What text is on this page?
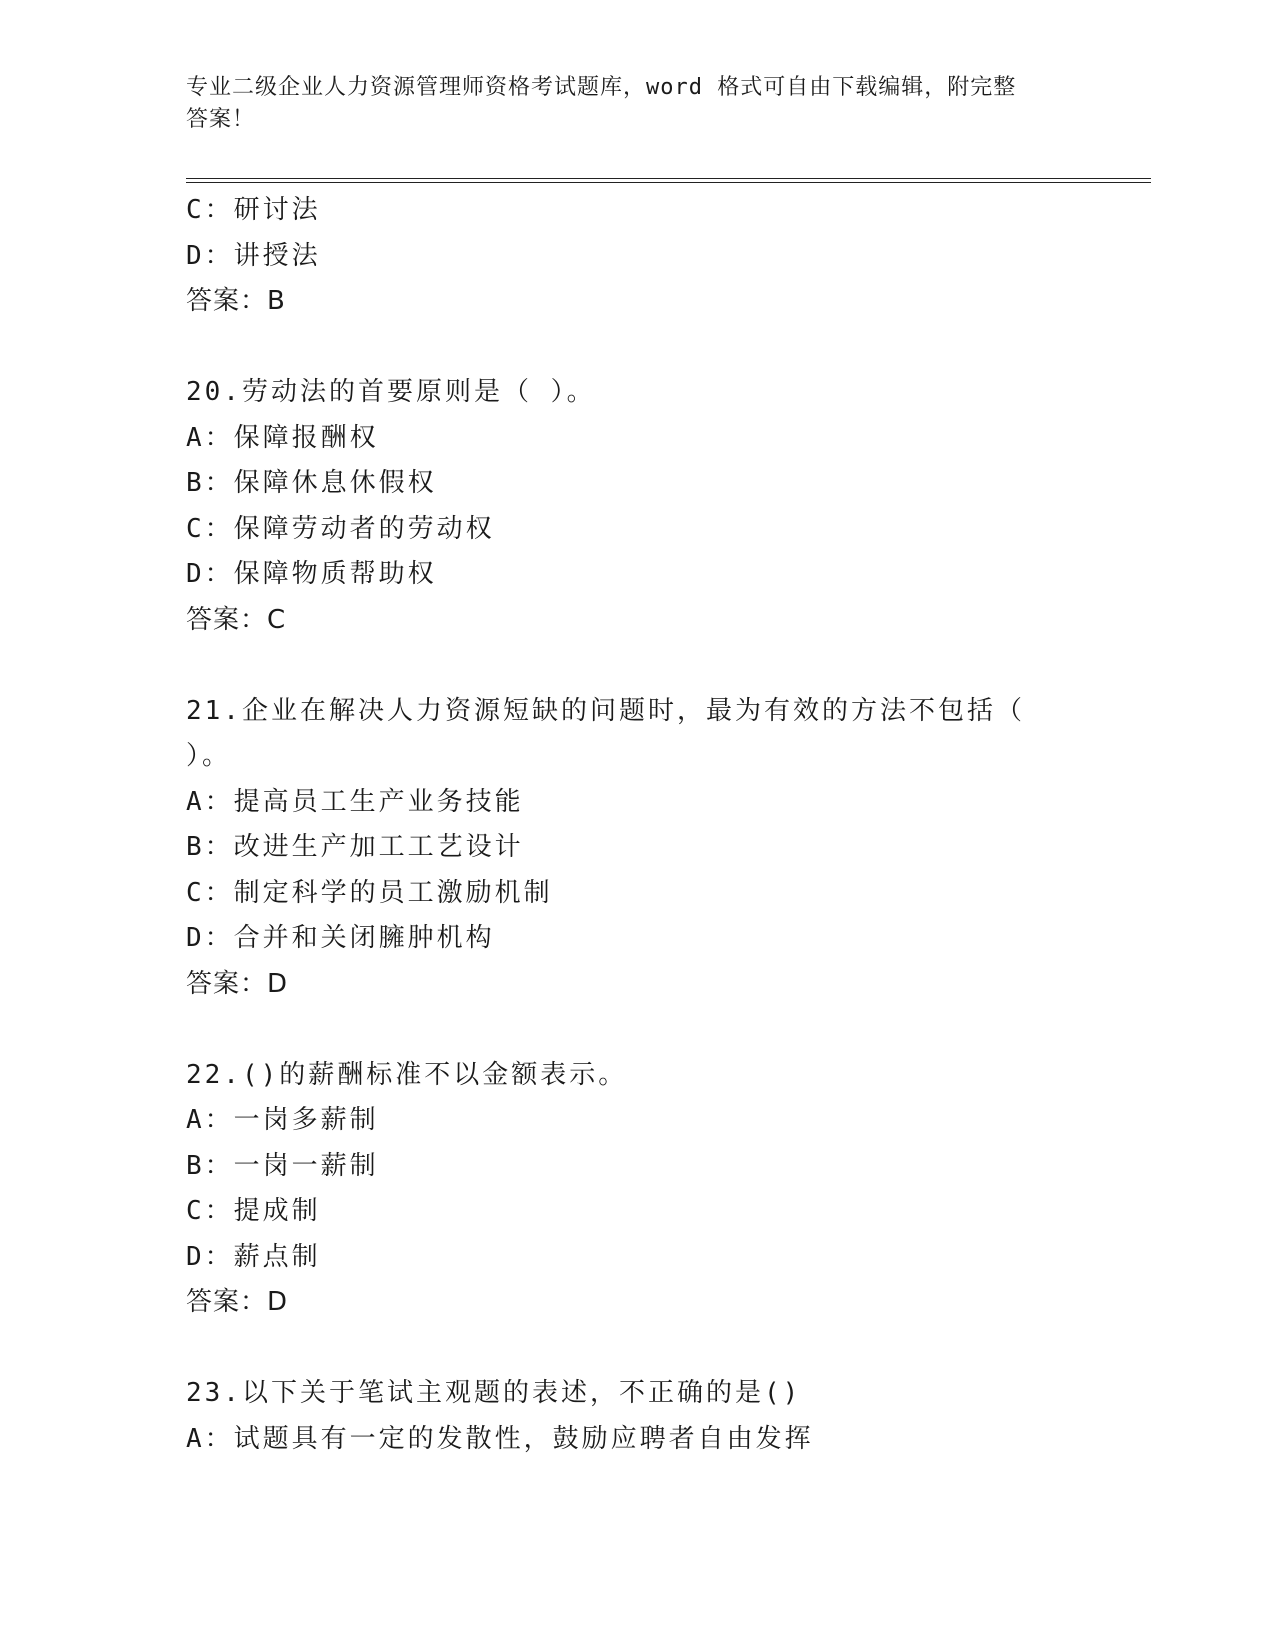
专业二级企业人力资源管理师资格考试题库，word 格式可自由下载编辑，附完整
答案！
C：研讨法
D：讲授法
答案：B
20.劳动法的首要原则是（ ）。
A：保障报酬权
B：保障休息休假权
C：保障劳动者的劳动权
D：保障物质帮助权
答案：C
21.企业在解决人力资源短缺的问题时，最为有效的方法不包括（
）。
A：提高员工生产业务技能
B：改进生产加工工艺设计
C：制定科学的员工激励机制
D：合并和关闭臃肿机构
答案：D
22.()的薪酬标准不以金额表示。
A：一岗多薪制
B：一岗一薪制
C：提成制
D：薪点制
答案：D
23.以下关于笔试主观题的表述，不正确的是()
A：试题具有一定的发散性，鼓励应聘者自由发挥
